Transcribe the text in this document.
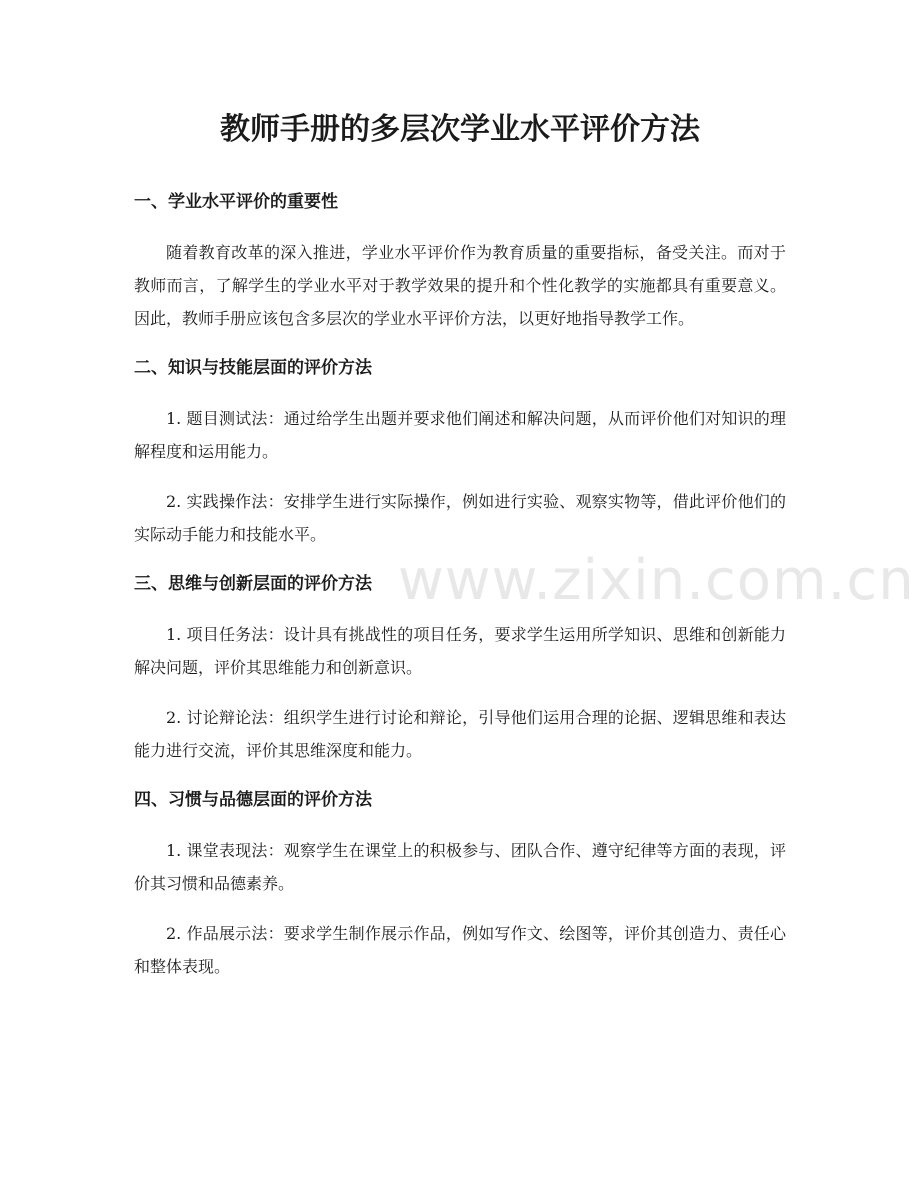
教师手册的多层次学业水平评价方法
一、学业水平评价的重要性

随着教育改革的深入推进，学业水平评价作为教育质量的重要指标，备受关注。而对于教师而言，了解学生的学业水平对于教学效果的提升和个性化教学的实施都具有重要意义。因此，教师手册应该包含多层次的学业水平评价方法，以更好地指导教学工作。

二、知识与技能层面的评价方法

1. 题目测试法：通过给学生出题并要求他们阐述和解决问题，从而评价他们对知识的理解程度和运用能力。

2. 实践操作法：安排学生进行实际操作，例如进行实验、观察实物等，借此评价他们的实际动手能力和技能水平。

三、思维与创新层面的评价方法

1. 项目任务法：设计具有挑战性的项目任务，要求学生运用所学知识、思维和创新能力解决问题，评价其思维能力和创新意识。

2. 讨论辩论法：组织学生进行讨论和辩论，引导他们运用合理的论据、逻辑思维和表达能力进行交流，评价其思维深度和能力。

四、习惯与品德层面的评价方法

1. 课堂表现法：观察学生在课堂上的积极参与、团队合作、遵守纪律等方面的表现，评价其习惯和品德素养。

2. 作品展示法：要求学生制作展示作品，例如写作文、绘图等，评价其创造力、责任心和整体表现。

www.zixin.com.cn
